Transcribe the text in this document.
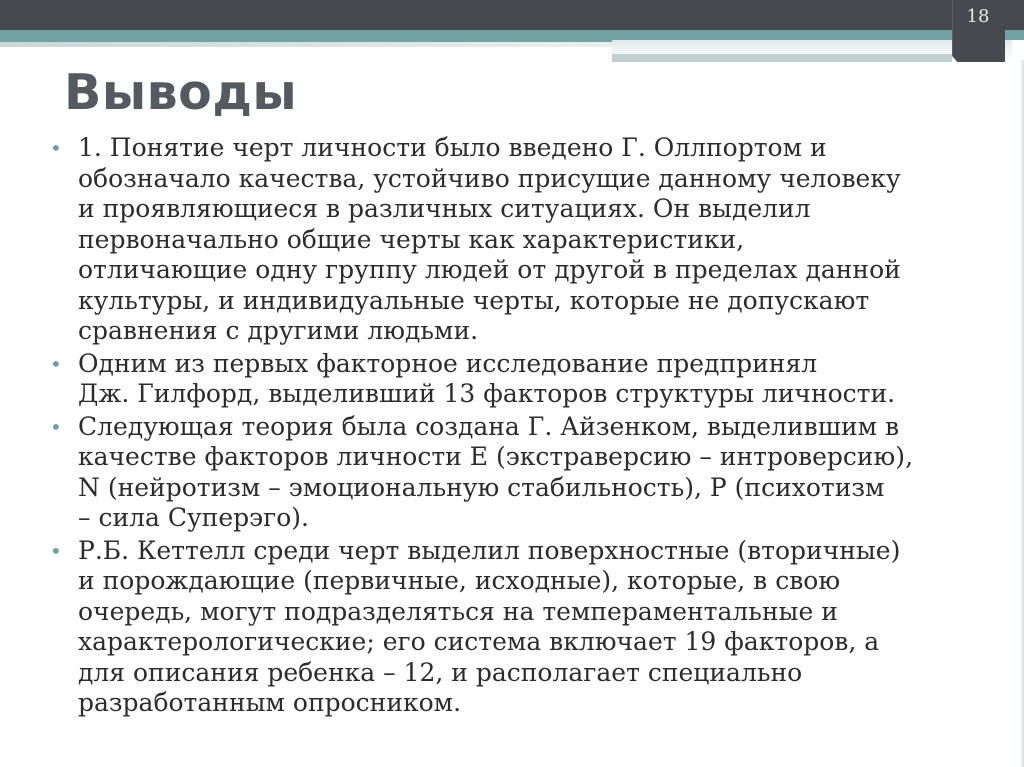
18
Выводы
• 1. Понятие черт личности было введено Г. Оллпортом и
обозначало качества, устойчиво присущие данному человеку
и проявляющиеся в различных ситуациях. Он выделил
первоначально общие черты как характеристики,
отличающие одну группу людей от другой в пределах данной
культуры, и индивидуальные черты, которые не допускают
сравнения с другими людьми.
• Одним из первых факторное исследование предпринял
Дж. Гилфорд, выделивший 13 факторов структуры личности.
• Следующая теория была создана Г. Айзенком, выделившим в
качестве факторов личности Е (экстраверсию – интроверсию),
N (нейротизм – эмоциональную стабильность), Р (психотизм
– сила Суперэго).
• Р.Б. Кеттелл среди черт выделил поверхностные (вторичные)
и порождающие (первичные, исходные), которые, в свою
очередь, могут подразделяться на темпераментальные и
характерологические; его система включает 19 факторов, а
для описания ребенка – 12, и располагает специально
разработанным опросником.
